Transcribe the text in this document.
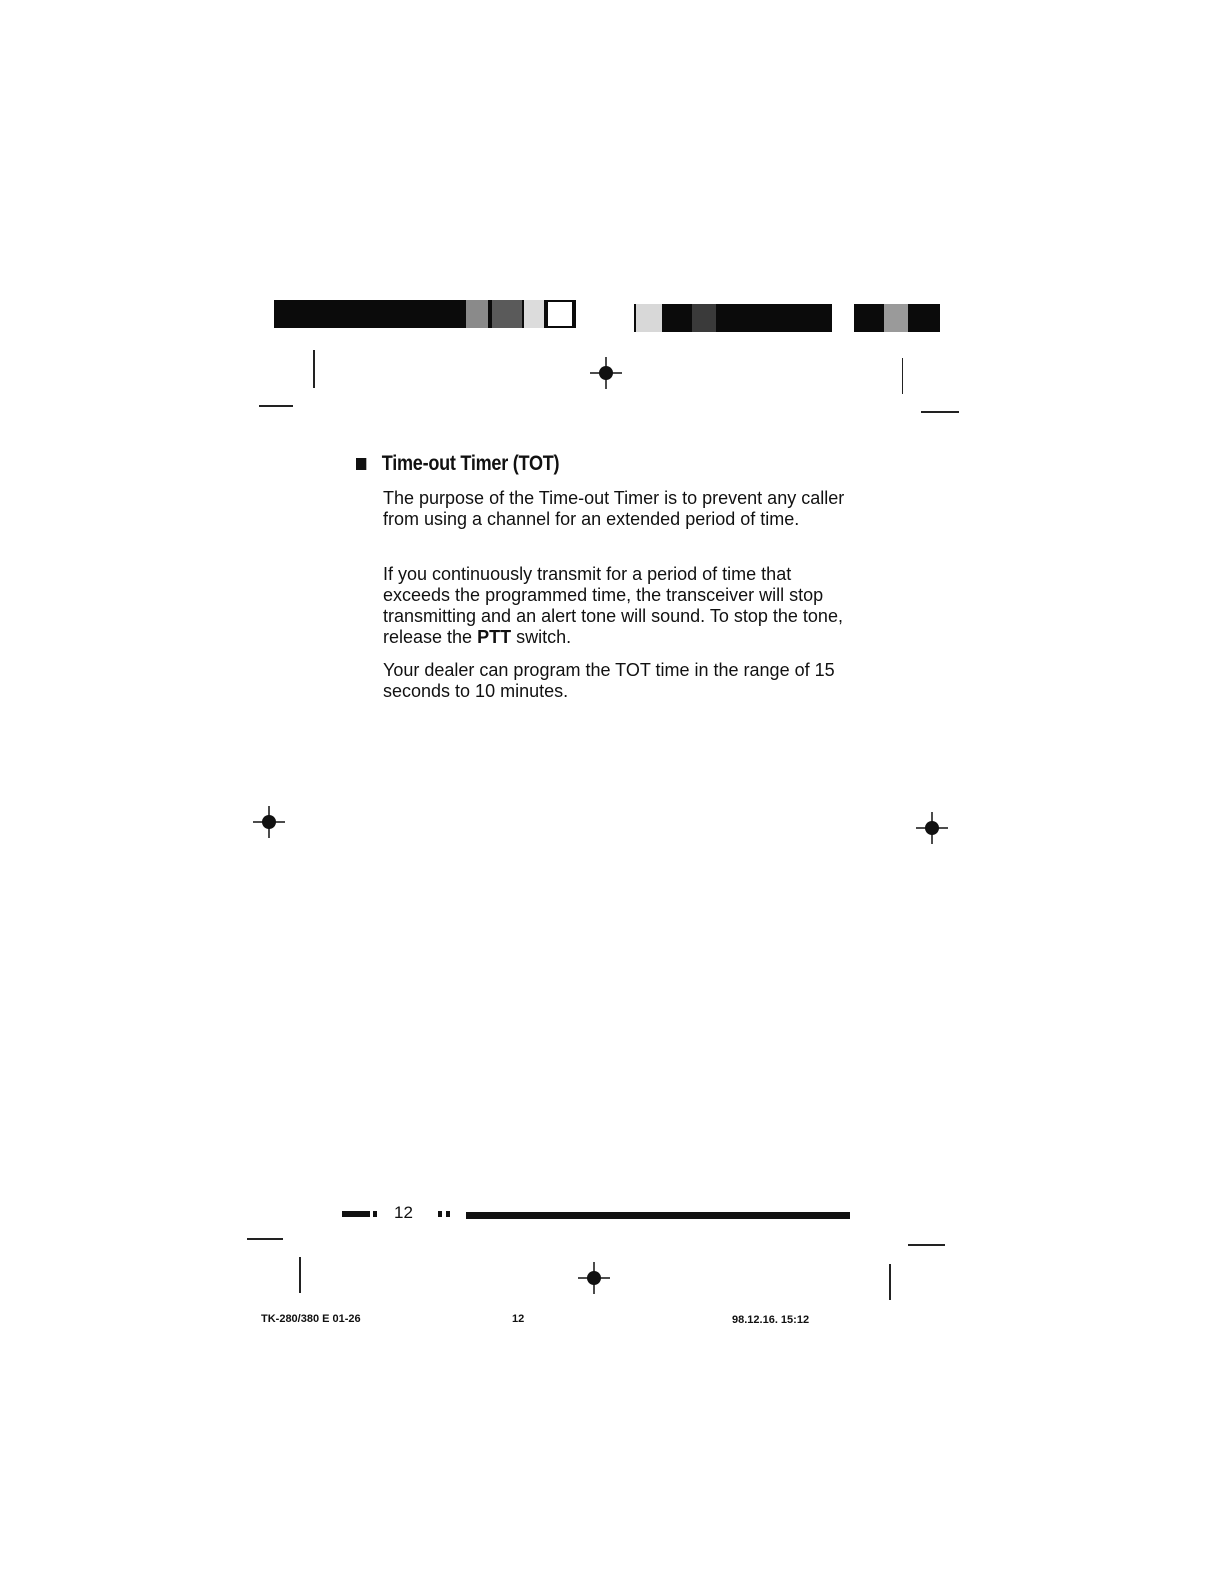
Time-out Timer (TOT)
The purpose of the Time-out Timer is to prevent any caller from using a channel for an extended period of time.
If you continuously transmit for a period of time that exceeds the programmed time, the transceiver will stop transmitting and an alert tone will sound. To stop the tone, release the PTT switch.
Your dealer can program the TOT time in the range of 15 seconds to 10 minutes.
12
TK-280/380 E 01-26	12	98.12.16. 15:12
